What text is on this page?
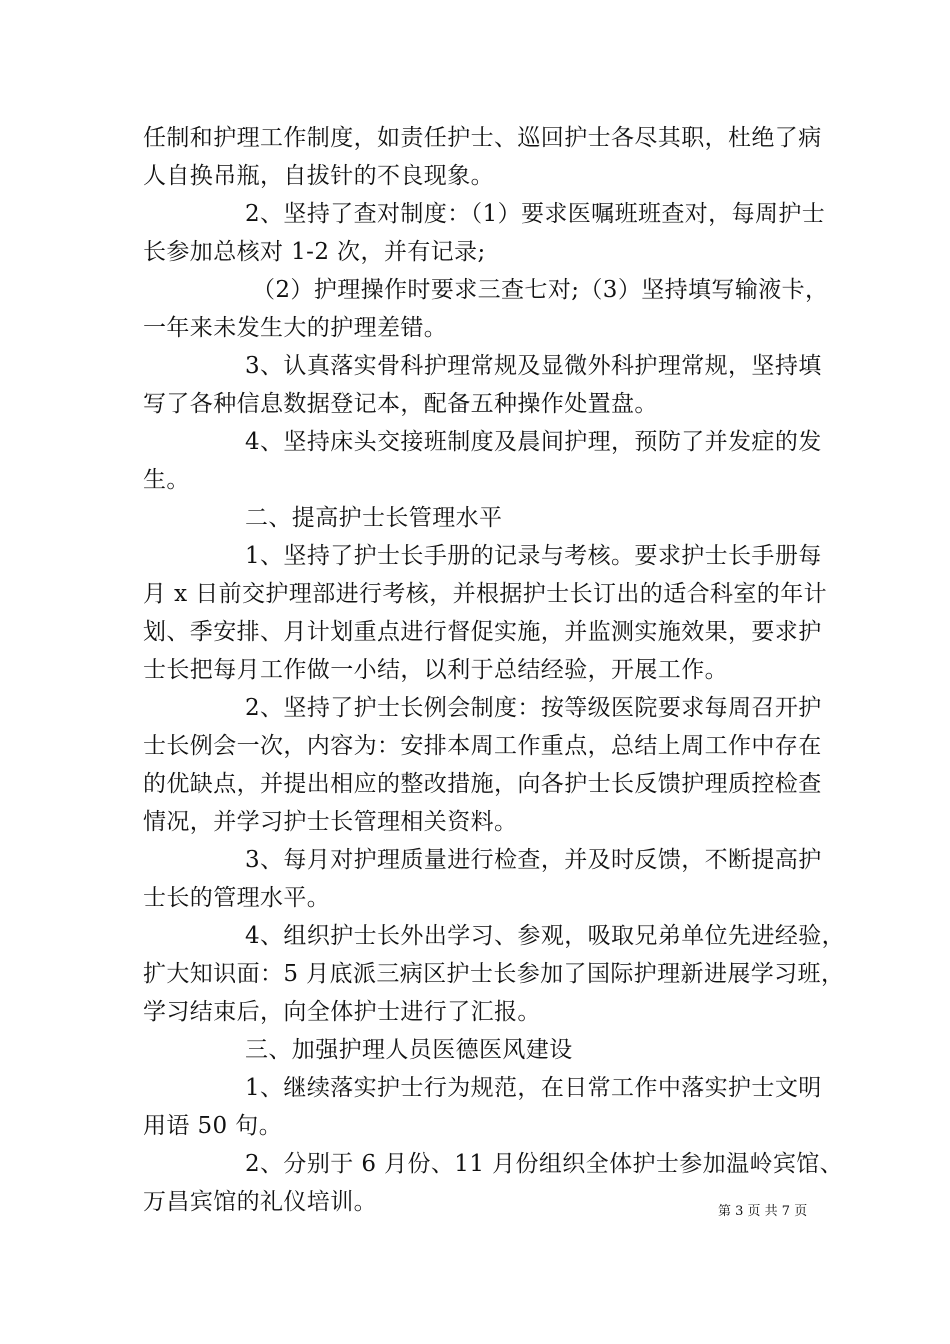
任制和护理工作制度，如责任护士、巡回护士各尽其职，杜绝了病
人自换吊瓶，自拔针的不良现象。
2、坚持了查对制度：（1）要求医嘱班班查对，每周护士
长参加总核对 1-2 次，并有记录;
（2）护理操作时要求三查七对;（3）坚持填写输液卡，
一年来未发生大的护理差错。
3、认真落实骨科护理常规及显微外科护理常规，坚持填
写了各种信息数据登记本，配备五种操作处置盘。
4、坚持床头交接班制度及晨间护理，预防了并发症的发
生。
二、提高护士长管理水平
1、坚持了护士长手册的记录与考核。要求护士长手册每
月 x 日前交护理部进行考核，并根据护士长订出的适合科室的年计
划、季安排、月计划重点进行督促实施，并监测实施效果，要求护
士长把每月工作做一小结，以利于总结经验，开展工作。
2、坚持了护士长例会制度：按等级医院要求每周召开护
士长例会一次，内容为：安排本周工作重点，总结上周工作中存在
的优缺点，并提出相应的整改措施，向各护士长反馈护理质控检查
情况，并学习护士长管理相关资料。
3、每月对护理质量进行检查，并及时反馈，不断提高护
士长的管理水平。
4、组织护士长外出学习、参观，吸取兄弟单位先进经验，
扩大知识面：5 月底派三病区护士长参加了国际护理新进展学习班，
学习结束后，向全体护士进行了汇报。
三、加强护理人员医德医风建设
1、继续落实护士行为规范，在日常工作中落实护士文明
用语 50 句。
2、分别于 6 月份、11 月份组织全体护士参加温岭宾馆、
万昌宾馆的礼仪培训。	第 3 页 共 7 页
